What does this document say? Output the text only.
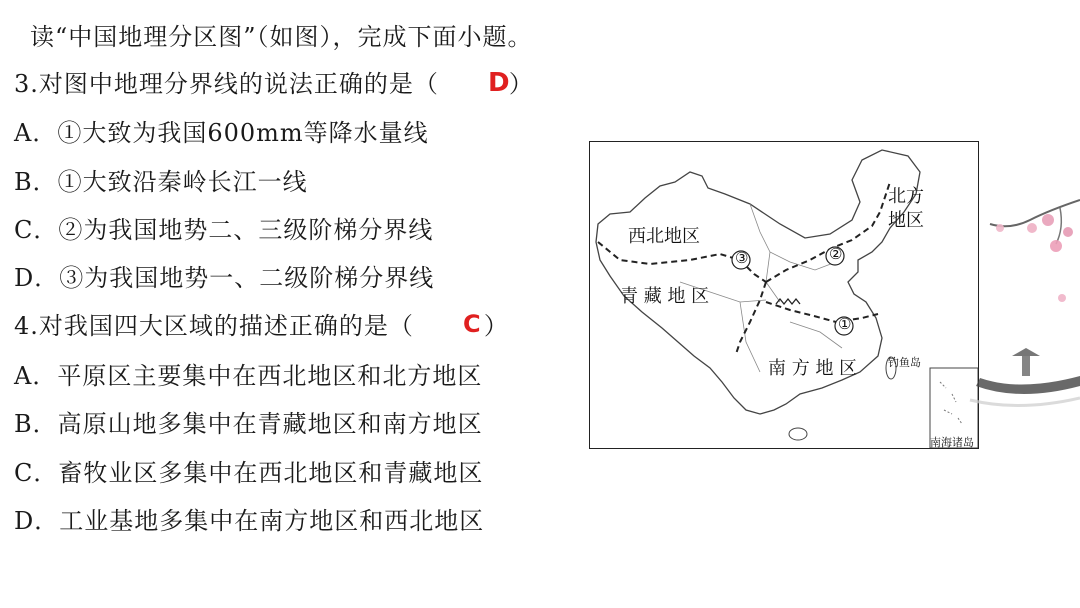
读“中国地理分区图”（如图），完成下面小题。
3.对图中地理分界线的说法正确的是（	）
D
A．①大致为我国600mm等降水量线
B．①大致沿秦岭长江一线
C．②为我国地势二、三级阶梯分界线
D．③为我国地势一、二级阶梯分界线
4.对我国四大区域的描述正确的是（	）
C
A．平原区主要集中在西北地区和北方地区
B．高原山地多集中在青藏地区和南方地区
C．畜牧业区多集中在西北地区和青藏地区
D．工业基地多集中在南方地区和西北地区
西北地区
北方
地区
青 藏 地 区
南 方 地 区
③	②
①
钓鱼岛
南海诸岛
